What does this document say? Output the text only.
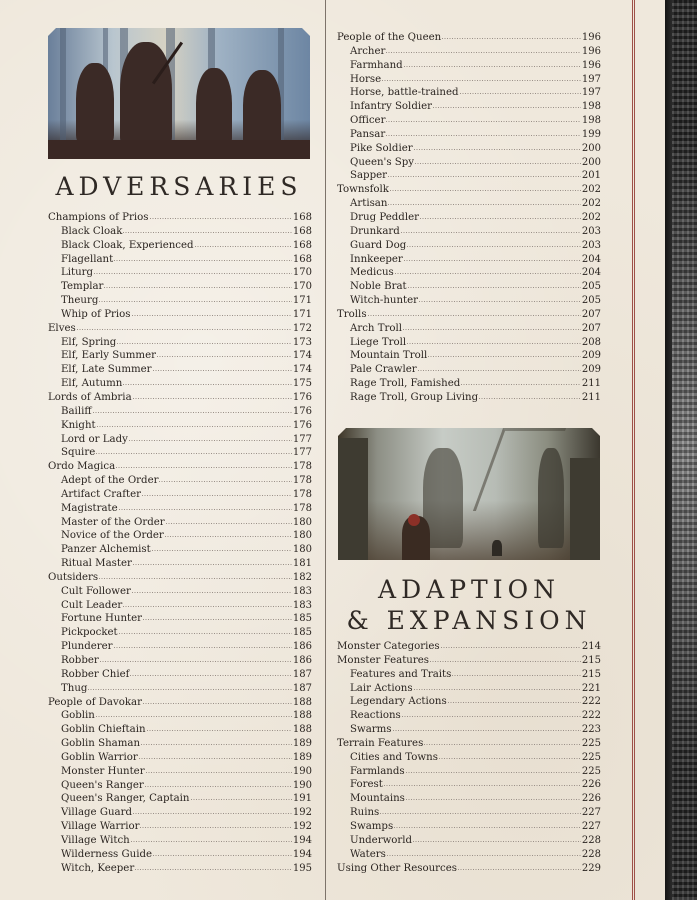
ADVERSARIES
Champions of Prios	168
Black Cloak	168
Black Cloak, Experienced	168
Flagellant	168
Liturg	170
Templar	170
Theurg	171
Whip of Prios	171
Elves	172
Elf, Spring	173
Elf, Early Summer	174
Elf, Late Summer	174
Elf, Autumn	175
Lords of Ambria	176
Bailiff	176
Knight	176
Lord or Lady	177
Squire	177
Ordo Magica	178
Adept of the Order	178
Artifact Crafter	178
Magistrate	178
Master of the Order	180
Novice of the Order	180
Panzer Alchemist	180
Ritual Master	181
Outsiders	182
Cult Follower	183
Cult Leader	183
Fortune Hunter	185
Pickpocket	185
Plunderer	186
Robber	186
Robber Chief	187
Thug	187
People of Davokar	188
Goblin	188
Goblin Chieftain	188
Goblin Shaman	189
Goblin Warrior	189
Monster Hunter	190
Queen's Ranger	190
Queen's Ranger, Captain	191
Village Guard	192
Village Warrior	192
Village Witch	194
Wilderness Guide	194
Witch, Keeper	195
People of the Queen	196
Archer	196
Farmhand	196
Horse	197
Horse, battle-trained	197
Infantry Soldier	198
Officer	198
Pansar	199
Pike Soldier	200
Queen's Spy	200
Sapper	201
Townsfolk	202
Artisan	202
Drug Peddler	202
Drunkard	203
Guard Dog	203
Innkeeper	204
Medicus	204
Noble Brat	205
Witch-hunter	205
Trolls	207
Arch Troll	207
Liege Troll	208
Mountain Troll	209
Pale Crawler	209
Rage Troll, Famished	211
Rage Troll, Group Living	211
ADAPTION
& EXPANSION
Monster Categories	214
Monster Features	215
Features and Traits	215
Lair Actions	221
Legendary Actions	222
Reactions	222
Swarms	223
Terrain Features	225
Cities and Towns	225
Farmlands	225
Forest	226
Mountains	226
Ruins	227
Swamps	227
Underworld	228
Waters	228
Using Other Resources	229
